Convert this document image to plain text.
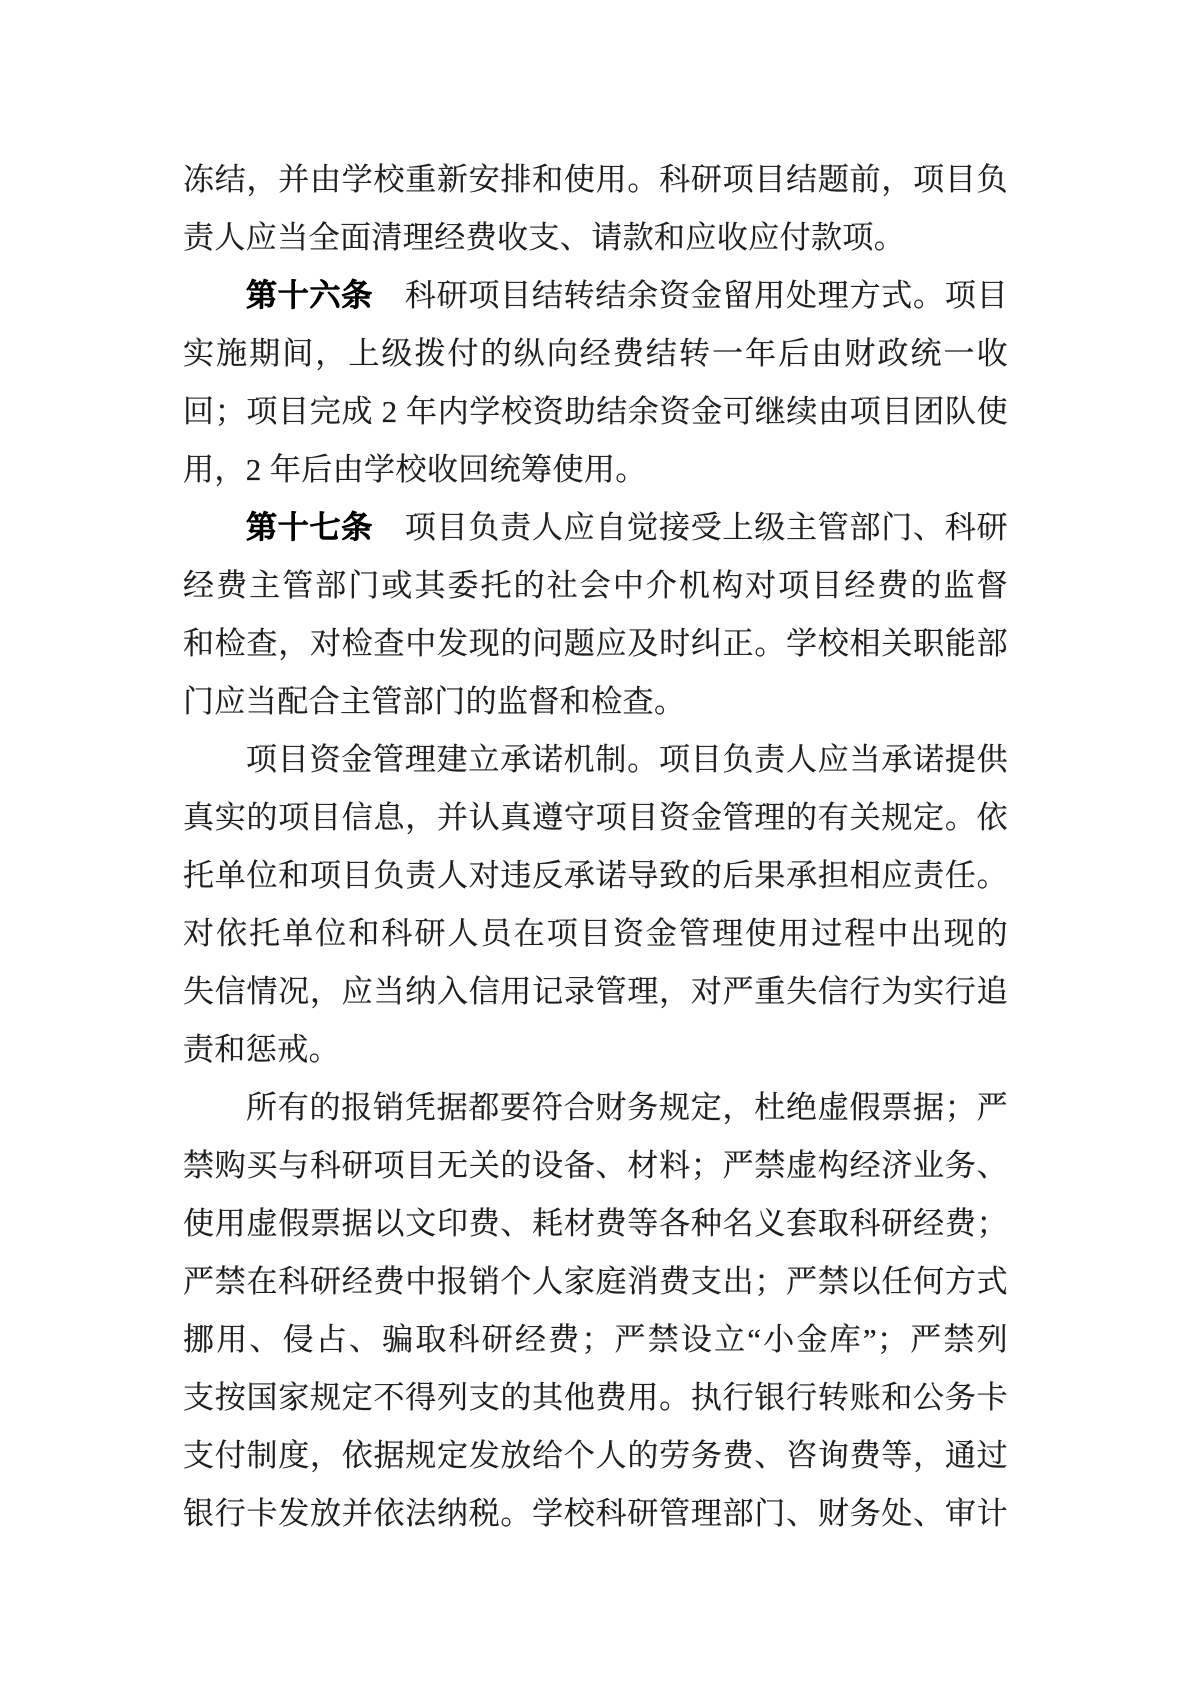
冻结，并由学校重新安排和使用。科研项目结题前，项目负
责人应当全面清理经费收支、请款和应收应付款项。
第十六条　科研项目结转结余资金留用处理方式。项目
实施期间，上级拨付的纵向经费结转一年后由财政统一收
回；项目完成 2 年内学校资助结余资金可继续由项目团队使
用，2 年后由学校收回统筹使用。
第十七条　项目负责人应自觉接受上级主管部门、科研
经费主管部门或其委托的社会中介机构对项目经费的监督
和检查，对检查中发现的问题应及时纠正。学校相关职能部
门应当配合主管部门的监督和检查。
项目资金管理建立承诺机制。项目负责人应当承诺提供
真实的项目信息，并认真遵守项目资金管理的有关规定。依
托单位和项目负责人对违反承诺导致的后果承担相应责任。
对依托单位和科研人员在项目资金管理使用过程中出现的
失信情况，应当纳入信用记录管理，对严重失信行为实行追
责和惩戒。
所有的报销凭据都要符合财务规定，杜绝虚假票据；严
禁购买与科研项目无关的设备、材料；严禁虚构经济业务、
使用虚假票据以文印费、耗材费等各种名义套取科研经费；
严禁在科研经费中报销个人家庭消费支出；严禁以任何方式
挪用、侵占、骗取科研经费；严禁设立“小金库”；严禁列
支按国家规定不得列支的其他费用。执行银行转账和公务卡
支付制度，依据规定发放给个人的劳务费、咨询费等，通过
银行卡发放并依法纳税。学校科研管理部门、财务处、审计
